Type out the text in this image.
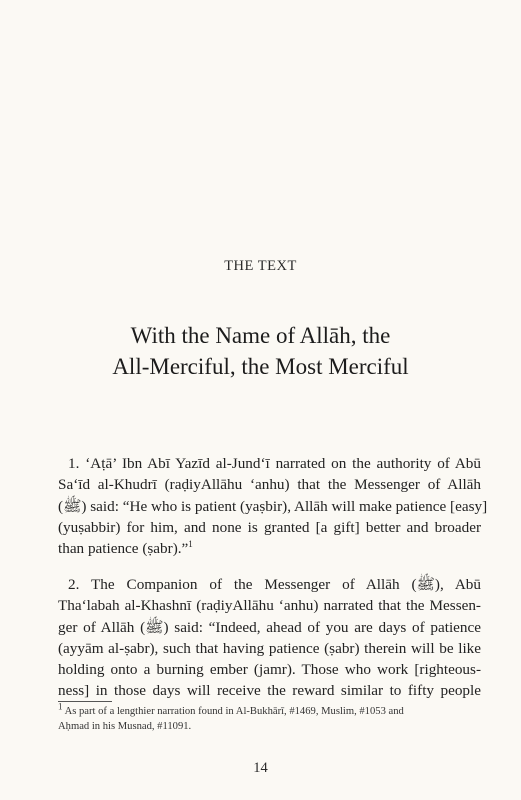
THE TEXT
With the Name of Allāh, the
All-Merciful, the Most Merciful
1. ‘Aṭā’ Ibn Abī Yazīd al-Jund‘ī narrated on the authority of Abū
Sa‘īd al-Khudrī (raḍiyAllāhu ‘anhu) that the Messenger of Allāh
(ﷺ) said: “He who is patient (yaṣbir), Allāh will make patience [easy]
(yuṣabbir) for him, and none is granted [a gift] better and broader
than patience (ṣabr).”$^1$
2. The Companion of the Messenger of Allāh (ﷺ), Abū
Tha‘labah al-Khashnī (raḍiyAllāhu ‘anhu) narrated that the Messen-
ger of Allāh (ﷺ) said: “Indeed, ahead of you are days of patience
(ayyām al-ṣabr), such that having patience (ṣabr) therein will be like
holding onto a burning ember (jamr). Those who work [righteous-
ness] in those days will receive the reward similar to fifty people
$^1$ As part of a lengthier narration found in Al-Bukhārī, #1469, Muslim, #1053 and
Aḥmad in his Musnad, #11091.
14
